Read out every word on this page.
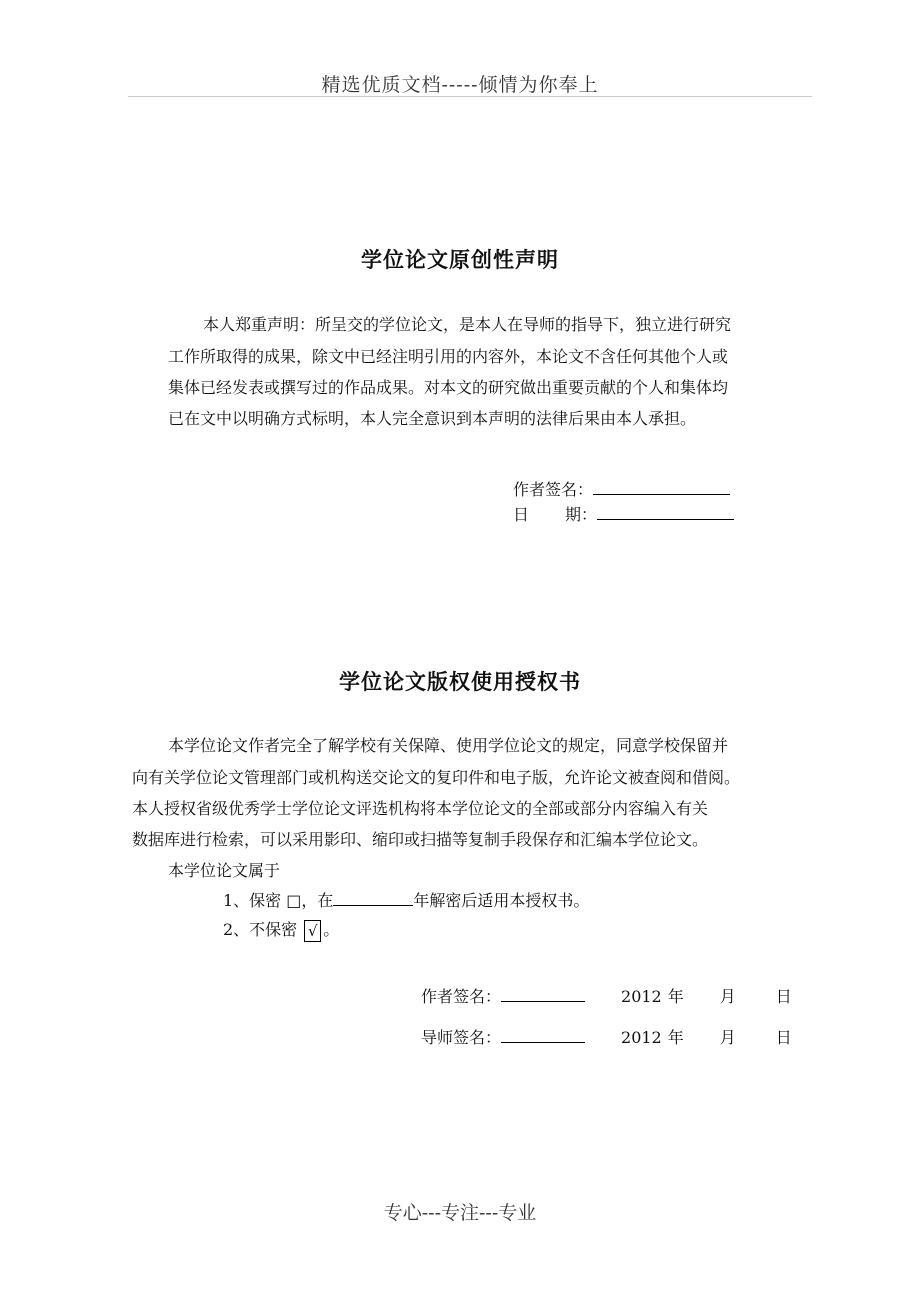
精选优质文档-----倾情为你奉上
学位论文原创性声明
本人郑重声明：所呈交的学位论文，是本人在导师的指导下，独立进行研究
工作所取得的成果，除文中已经注明引用的内容外，本论文不含任何其他个人或
集体已经发表或撰写过的作品成果。对本文的研究做出重要贡献的个人和集体均
已在文中以明确方式标明，本人完全意识到本声明的法律后果由本人承担。
作者签名：
日 期：
学位论文版权使用授权书
本学位论文作者完全了解学校有关保障、使用学位论文的规定，同意学校保留并
向有关学位论文管理部门或机构送交论文的复印件和电子版，允许论文被查阅和借阅。
本人授权省级优秀学士学位论文评选机构将本学位论文的全部或部分内容编入有关
数据库进行检索，可以采用影印、缩印或扫描等复制手段保存和汇编本学位论文。
本学位论文属于
1、保密 □，在	年解密后适用本授权书。
2、不保密 √ 。
作者签名：	2012 年 月	日
导师签名：	2012 年 月	日
专心---专注---专业
